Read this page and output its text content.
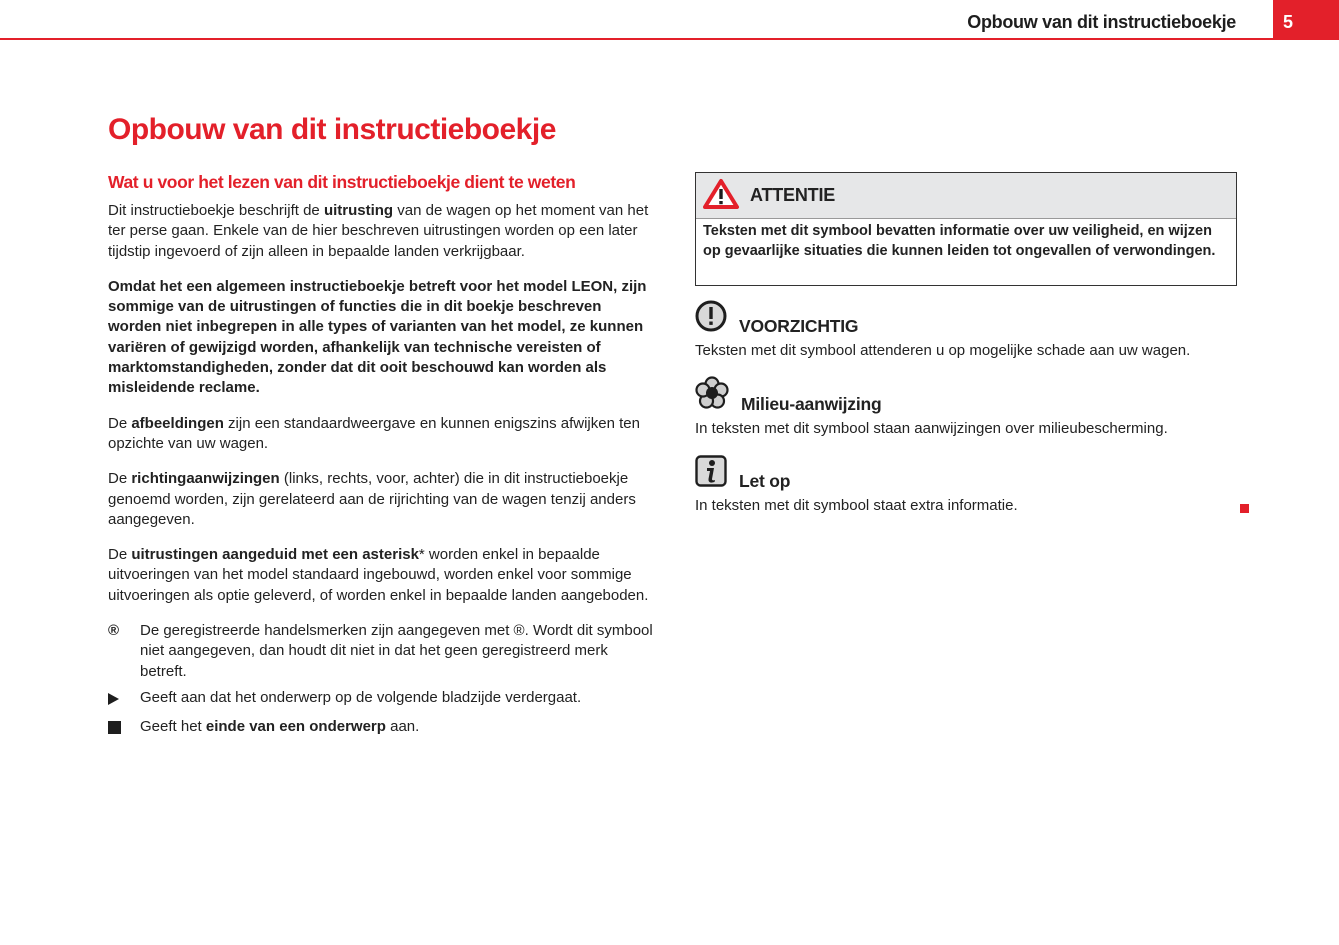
Opbouw van dit instructieboekje	5
Opbouw van dit instructieboekje
Wat u voor het lezen van dit instructieboekje dient te weten

Dit instructieboekje beschrijft de uitrusting van de wagen op het moment van het ter perse gaan. Enkele van de hier beschreven uitrustingen worden op een later tijdstip ingevoerd of zijn alleen in bepaalde landen verkrijgbaar.

Omdat het een algemeen instructieboekje betreft voor het model LEON, zijn sommige van de uitrustingen of functies die in dit boekje beschreven worden niet inbegrepen in alle types of varianten van het model, ze kunnen variëren of gewijzigd worden, afhankelijk van technische vereisten of marktomstandigheden, zonder dat dit ooit beschouwd kan worden als misleidende reclame.

De afbeeldingen zijn een standaardweergave en kunnen enigszins afwijken ten opzichte van uw wagen.

De richtingaanwijzingen (links, rechts, voor, achter) die in dit instructieboekje genoemd worden, zijn gerelateerd aan de rijrichting van de wagen tenzij anders aangegeven.

De uitrustingen aangeduid met een asterisk* worden enkel in bepaalde uitvoeringen van het model standaard ingebouwd, worden enkel voor sommige uitvoeringen als optie geleverd, of worden enkel in bepaalde landen aangeboden.

®	De geregistreerde handelsmerken zijn aangegeven met ®. Wordt dit symbool niet aangegeven, dan houdt dit niet in dat het geen geregistreerd merk betreft.
Geeft aan dat het onderwerp op de volgende bladzijde verdergaat.
Geeft het einde van een onderwerp aan.
ATTENTIE
Teksten met dit symbool bevatten informatie over uw veiligheid, en wijzen op gevaarlijke situaties die kunnen leiden tot ongevallen of verwondingen.
VOORZICHTIG

Teksten met dit symbool attenderen u op mogelijke schade aan uw wagen.

Milieu-aanwijzing

In teksten met dit symbool staan aanwijzingen over milieubescherming.

Let op

In teksten met dit symbool staat extra informatie.
